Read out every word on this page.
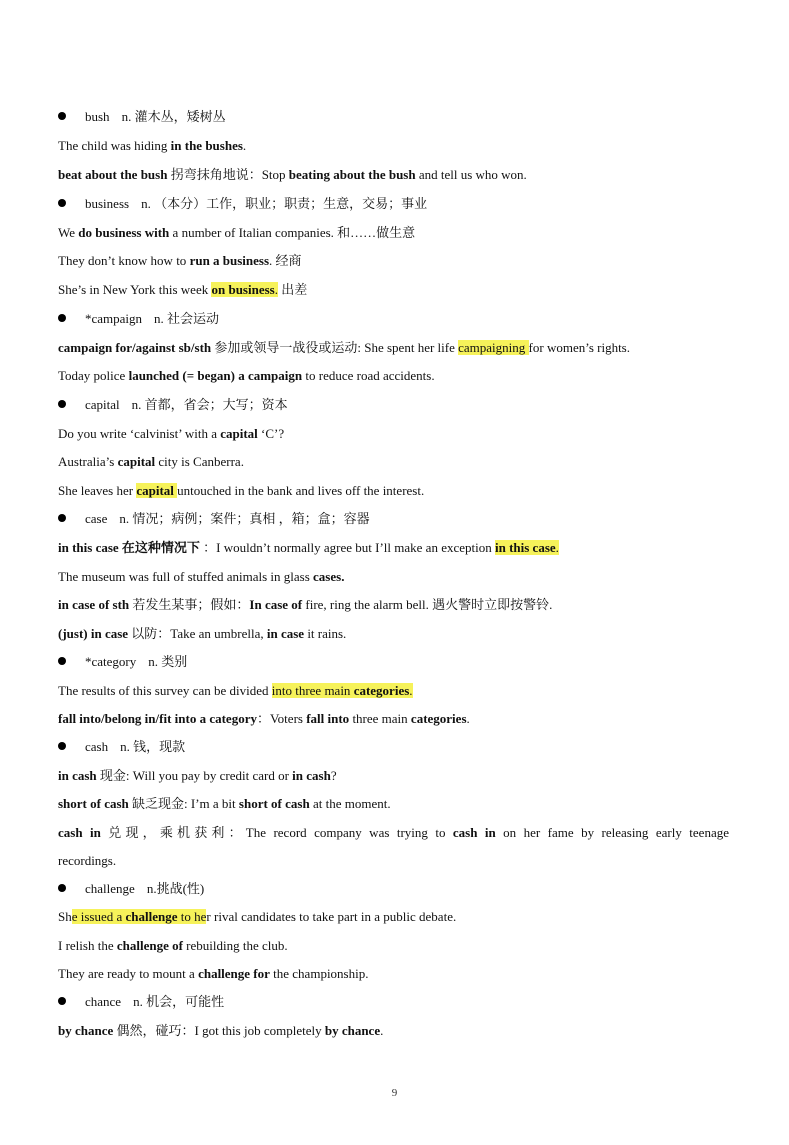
bush n. 灌木丛，矮树丛
The child was hiding in the bushes.
beat about the bush 拐弯抹角地说：Stop beating about the bush and tell us who won.
business n. （本分）工作，职业；职责；生意，交易；事业
We do business with a number of Italian companies. 和……做生意
They don’t know how to run a business. 经商
She’s in New York this week on business. 出差
*campaign n. 社会运动
campaign for/against sb/sth 参加或领导一战役或运动: She spent her life campaigning for women’s rights.
Today police launched (= began) a campaign to reduce road accidents.
capital n. 首都，省会；大写；资本
Do you write ‘calvinist’ with a capital ‘C’?
Australia’s capital city is Canberra.
She leaves her capital untouched in the bank and lives off the interest.
case n. 情况；病例；案件；真相 ，箱；盒；容器
in this case 在这种情况下 ：I wouldn’t normally agree but I’ll make an exception in this case.
The museum was full of stuffed animals in glass cases.
in case of sth 若发生某事；假如：In case of fire, ring the alarm bell. 遇火警时立即按警铃.
(just) in case 以防：Take an umbrella, in case it rains.
*category n. 类别
The results of this survey can be divided into three main categories.
fall into/belong in/fit into a category：Voters fall into three main categories.
cash n. 钱，现款
in cash 现金: Will you pay by credit card or in cash?
short of cash 缺乏现金: I’m a bit short of cash at the moment.
cash in 兑现，乘机获利：The record company was trying to cash in on her fame by releasing early teenage
recordings.
challenge n.挑战(性)
She issued a challenge to her rival candidates to take part in a public debate.
I relish the challenge of rebuilding the club.
They are ready to mount a challenge for the championship.
chance n. 机会，可能性
by chance 偶然，碰巧：I got this job completely by chance.
9
